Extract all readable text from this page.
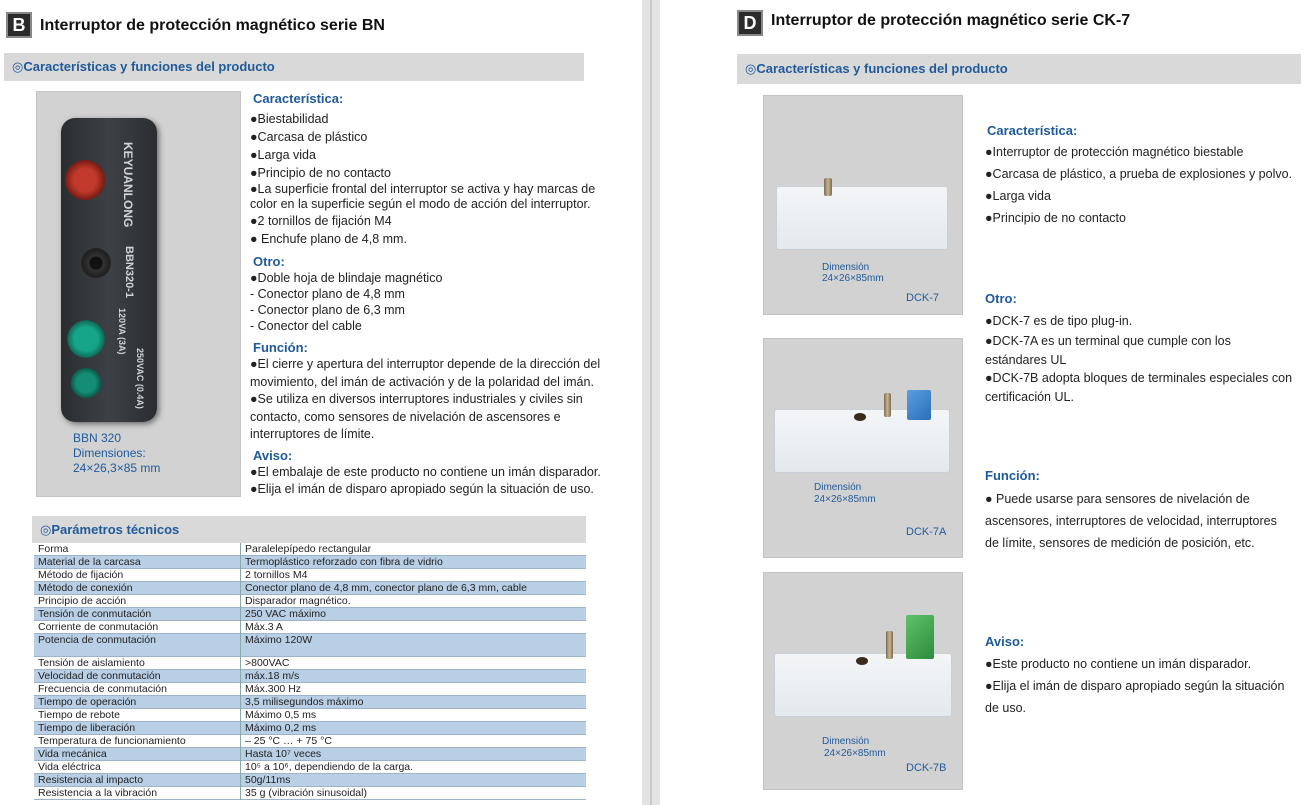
B Interruptor de protección magnético serie BN
◎Características y funciones del producto
KEYUANLONG
BBN320-1
120VA (3A)
250VAC (0.4A)
BBN 320
Dimensiones:
24×26,3×85 mm
Característica:
●Biestabilidad
●Carcasa de plástico
●Larga vida
●Principio de no contacto
●La superficie frontal del interruptor se activa y hay marcas de
color en la superficie según el modo de acción del interruptor.
●2 tornillos de fijación M4
● Enchufe plano de 4,8 mm.
Otro:
●Doble hoja de blindaje magnético
- Conector plano de 4,8 mm
- Conector plano de 6,3 mm
- Conector del cable
Función:
●El cierre y apertura del interruptor depende de la dirección del
movimiento, del imán de activación y de la polaridad del imán.
●Se utiliza en diversos interruptores industriales y civiles sin
contacto, como sensores de nivelación de ascensores e
interruptores de límite.
Aviso:
●El embalaje de este producto no contiene un imán disparador.
●Elija el imán de disparo apropiado según la situación de uso.
◎Parámetros técnicos
Forma	Paralelepípedo rectangular
Material de la carcasa	Termoplástico reforzado con fibra de vidrio
Método de fijación	2 tornillos M4
Método de conexión	Conector plano de 4,8 mm, conector plano de 6,3 mm, cable
Principio de acción	Disparador magnético.
Tensión de conmutación	250 VAC máximo
Corriente de conmutación	Máx.3 A
Potencia de conmutación	Máximo 120W
Tensión de aislamiento	>800VAC
Velocidad de conmutación	máx.18 m/s
Frecuencia de conmutación	Máx.300 Hz
Tiempo de operación	3,5 milisegundos máximo
Tiempo de rebote	Máximo 0,5 ms
Tiempo de liberación	Máximo 0,2 ms
Temperatura de funcionamiento	– 25 °C … + 75 °C
Vida mecánica	Hasta 10⁷ veces
Vida eléctrica	10⁵ a 10⁶, dependiendo de la carga.
Resistencia al impacto	50g/11ms
Resistencia a la vibración	35 g (vibración sinusoidal)
D Interruptor de protección magnético serie CK-7
◎Características y funciones del producto
Dimensión
24×26×85mm
DCK-7
Dimensión
24×26×85mm
DCK-7A
Dimensión
24×26×85mm
DCK-7B
Característica:
●Interruptor de protección magnético biestable
●Carcasa de plástico, a prueba de explosiones y polvo.
●Larga vida
●Principio de no contacto
Otro:
●DCK-7 es de tipo plug-in.
●DCK-7A es un terminal que cumple con los
estándares UL
●DCK-7B adopta bloques de terminales especiales con
certificación UL.
Función:
● Puede usarse para sensores de nivelación de
ascensores, interruptores de velocidad, interruptores
de límite, sensores de medición de posición, etc.
Aviso:
●Este producto no contiene un imán disparador.
●Elija el imán de disparo apropiado según la situación
de uso.
